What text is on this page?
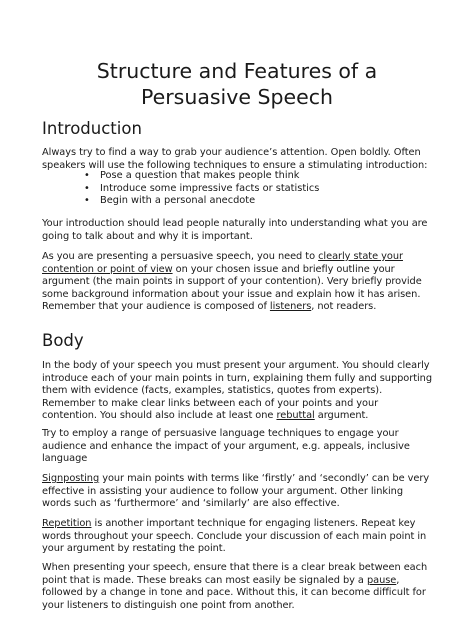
Structure and Features of a
Persuasive Speech
Introduction

Always try to find a way to grab your audience’s attention. Open boldly. Often
speakers will use the following techniques to ensure a stimulating introduction:

• Pose a question that makes people think
• Introduce some impressive facts or statistics
• Begin with a personal anecdote

Your introduction should lead people naturally into understanding what you are
going to talk about and why it is important.

As you are presenting a persuasive speech, you need to clearly state your
contention or point of view on your chosen issue and briefly outline your
argument (the main points in support of your contention). Very briefly provide
some background information about your issue and explain how it has arisen.
Remember that your audience is composed of listeners, not readers.

Body

In the body of your speech you must present your argument. You should clearly
introduce each of your main points in turn, explaining them fully and supporting
them with evidence (facts, examples, statistics, quotes from experts).
Remember to make clear links between each of your points and your
contention. You should also include at least one rebuttal argument.

Try to employ a range of persuasive language techniques to engage your
audience and enhance the impact of your argument, e.g. appeals, inclusive
language

Signposting your main points with terms like ‘firstly’ and ‘secondly’ can be very
effective in assisting your audience to follow your argument. Other linking
words such as ‘furthermore’ and ‘similarly’ are also effective.

Repetition is another important technique for engaging listeners. Repeat key
words throughout your speech. Conclude your discussion of each main point in
your argument by restating the point.

When presenting your speech, ensure that there is a clear break between each
point that is made. These breaks can most easily be signaled by a pause,
followed by a change in tone and pace. Without this, it can become difficult for
your listeners to distinguish one point from another.
